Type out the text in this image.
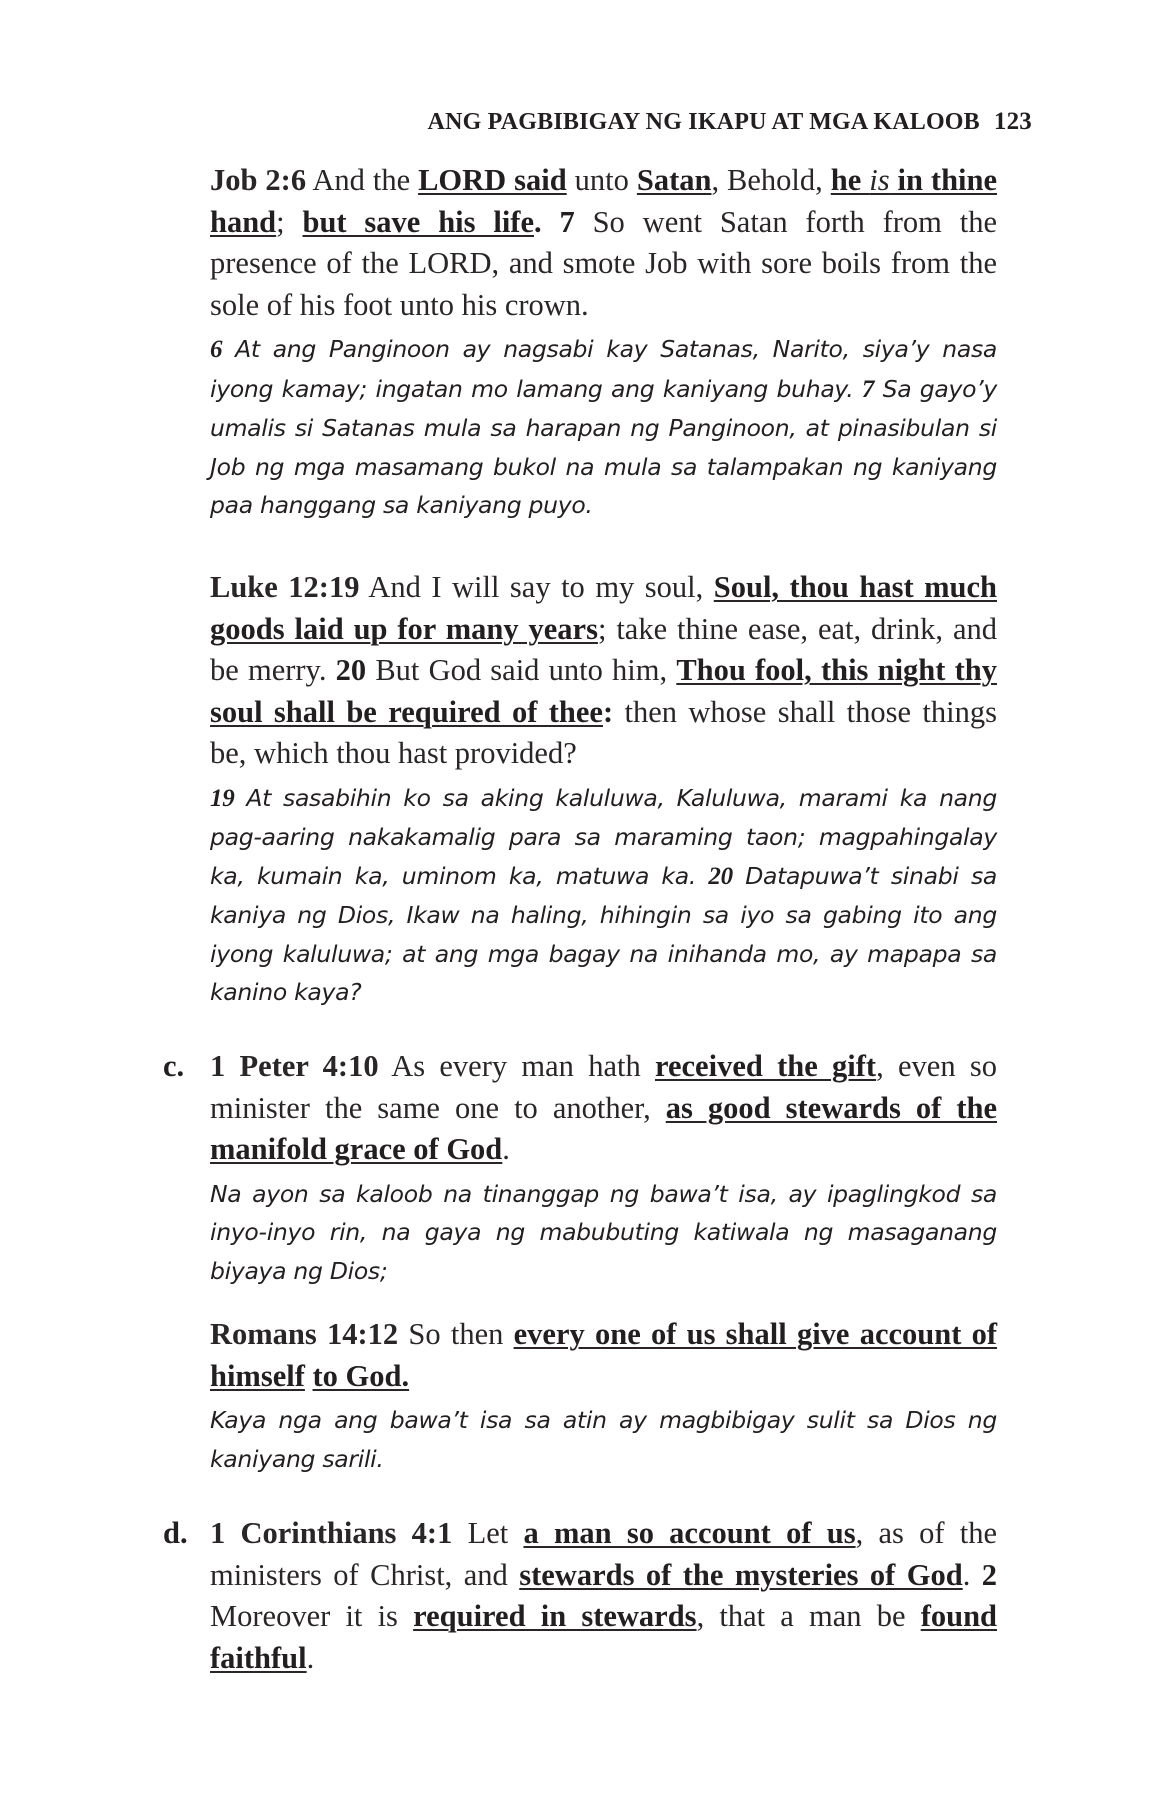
ANG PAGBIBIGAY NG IKAPU AT MGA KALOOB 123

Job 2:6 And the LORD said unto Satan, Behold, he is in thine hand; but save his life. 7 So went Satan forth from the presence of the LORD, and smote Job with sore boils from the sole of his foot unto his crown.

6 At ang Panginoon ay nagsabi kay Satanas, Narito, siya’y nasa iyong kamay; ingatan mo lamang ang kaniyang buhay. 7 Sa gayo’y umalis si Satanas mula sa harapan ng Panginoon, at pinasibulan si Job ng mga masamang bukol na mula sa talampakan ng kaniyang paa hanggang sa kaniyang puyo.

Luke 12:19 And I will say to my soul, Soul, thou hast much goods laid up for many years; take thine ease, eat, drink, and be merry. 20 But God said unto him, Thou fool, this night thy soul shall be required of thee: then whose shall those things be, which thou hast provided?

19 At sasabihin ko sa aking kaluluwa, Kaluluwa, marami ka nang pag-aaring nakakamalig para sa maraming taon; magpahingalay ka, kumain ka, uminom ka, matuwa ka. 20 Datapuwa’t sinabi sa kaniya ng Dios, Ikaw na haling, hihingin sa iyo sa gabing ito ang iyong kaluluwa; at ang mga bagay na inihanda mo, ay mapapa sa kanino kaya?

c. 1 Peter 4:10 As every man hath received the gift, even so minister the same one to another, as good stewards of the manifold grace of God.

Na ayon sa kaloob na tinanggap ng bawa’t isa, ay ipaglingkod sa inyo-inyo rin, na gaya ng mabubuting katiwala ng masaganang biyaya ng Dios;

Romans 14:12 So then every one of us shall give account of himself to God.

Kaya nga ang bawa’t isa sa atin ay magbibigay sulit sa Dios ng kaniyang sarili.

d. 1 Corinthians 4:1 Let a man so account of us, as of the ministers of Christ, and stewards of the mysteries of God. 2 Moreover it is required in stewards, that a man be found faithful.
